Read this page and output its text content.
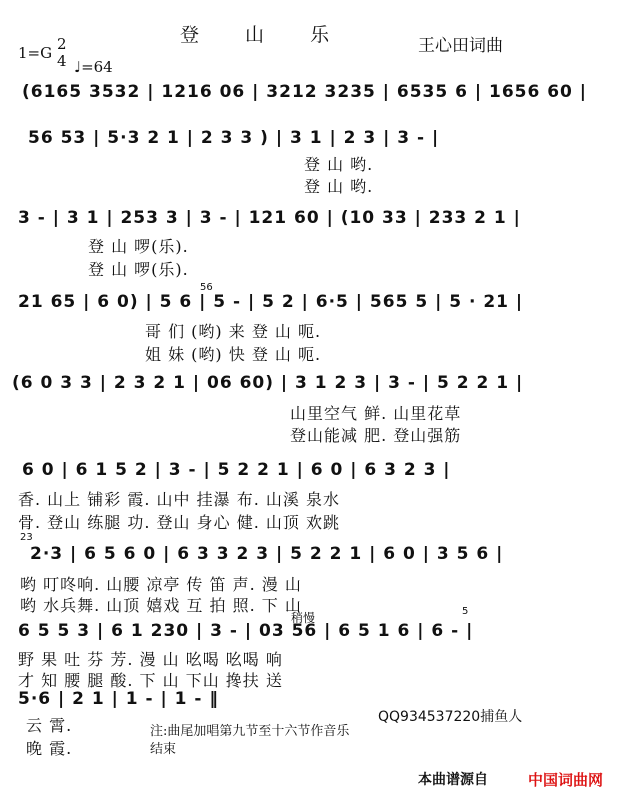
登 山 乐	王心田词曲
1=G 2
4 ♩=64
(6165 3532 | 1216 06 | 3212 3235 | 6535 6 | 1656 60 |
56 53 | 5·3 2 1 | 2 3 3 ) | 3 1 | 2 3 | 3 - |
登 山 哟.
登 山 哟.
3 - | 3 1 | 253 3 | 3 - | 121 60 | (10 33 | 233 2 1 |
登 山 啰(乐).
登 山 啰(乐).
56
21 65 | 6 0) | 5 6 | 5 - | 5 2 | 6·5 | 565 5 | 5 · 21 |
哥 们 (哟) 来 登 山 呃.
姐 妹 (哟) 快 登 山 呃.
(6 0 3 3 | 2 3 2 1 | 06 60) | 3 1 2 3 | 3 - | 5 2 2 1 |
山里空气 鲜. 山里花草
登山能减 肥. 登山强筋
6 0 | 6 1 5 2 | 3 - | 5 2 2 1 | 6 0 | 6 3 2 3 |
香. 山上 铺彩 霞. 山中 挂瀑 布. 山溪 泉水
骨. 登山 练腿 功. 登山 身心 健. 山顶 欢跳
23
2·3 | 6 5 6 0 | 6 3 3 2 3 | 5 2 2 1 | 6 0 | 3 5 6 |
哟 叮咚响. 山腰 凉亭 传 笛 声. 漫 山
哟 水兵舞. 山顶 嬉戏 互 拍 照. 下 山
稍慢	5
6 5 5 3 | 6 1 230 | 3 - | 03 56 | 6 5 1 6 | 6 - |
野 果 吐 芬 芳. 漫 山 吆喝 吆喝 响
才 知 腰 腿 酸. 下 山 下山 搀扶 送
5·6 | 2 1 | 1 - | 1 - ‖
QQ934537220捕鱼人
云 霄.
晚 霞.
注:曲尾加唱第九节至十六节作音乐结束
本曲谱源自	中国词曲网
